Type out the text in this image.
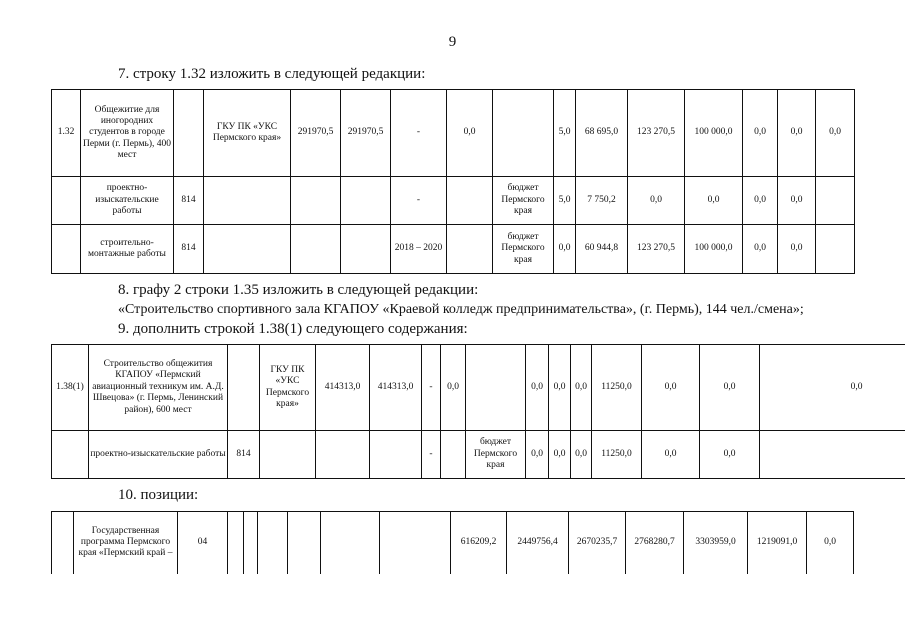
9
7. строку 1.32 изложить в следующей редакции:
1.32	Общежитие для иногородних студентов в городе Перми (г. Пермь), 400 мест		ГКУ ПК «УКС Пермского края»	291970,5	291970,5	-	0,0		5,0	68 695,0	123 270,5	100 000,0	0,0	0,0	0,0
	проектно-изыскательские работы	814				-		бюджет Пермского края	5,0	7 750,2	0,0	0,0	0,0	0,0	
	строительно-монтажные работы	814				2018 – 2020		бюджет Пермского края	0,0	60 944,8	123 270,5	100 000,0	0,0	0,0	
8. графу 2 строки 1.35 изложить в следующей редакции:
«Строительство спортивного зала КГАПОУ «Краевой колледж предпринимательства», (г. Пермь), 144 чел./смена»;
9. дополнить строкой 1.38(1) следующего содержания:
1.38(1)	Строительство общежития КГАПОУ «Пермский авиационный техникум им. А.Д. Швецова» (г. Пермь, Ленинский район), 600 мест		ГКУ ПК «УКС Пермского края»	414313,0	414313,0	-	0,0		0,0	0,0	0,0	11250,0	0,0	0,0	0,0
	проектно-изыскательские работы	814				-		бюджет Пермского края	0,0	0,0	0,0	11250,0	0,0	0,0	
10. позиции:
	Государственная программа Пермского края «Пермский край –	04							616209,2	2449756,4	2670235,7	2768280,7	3303959,0	1219091,0	0,0
